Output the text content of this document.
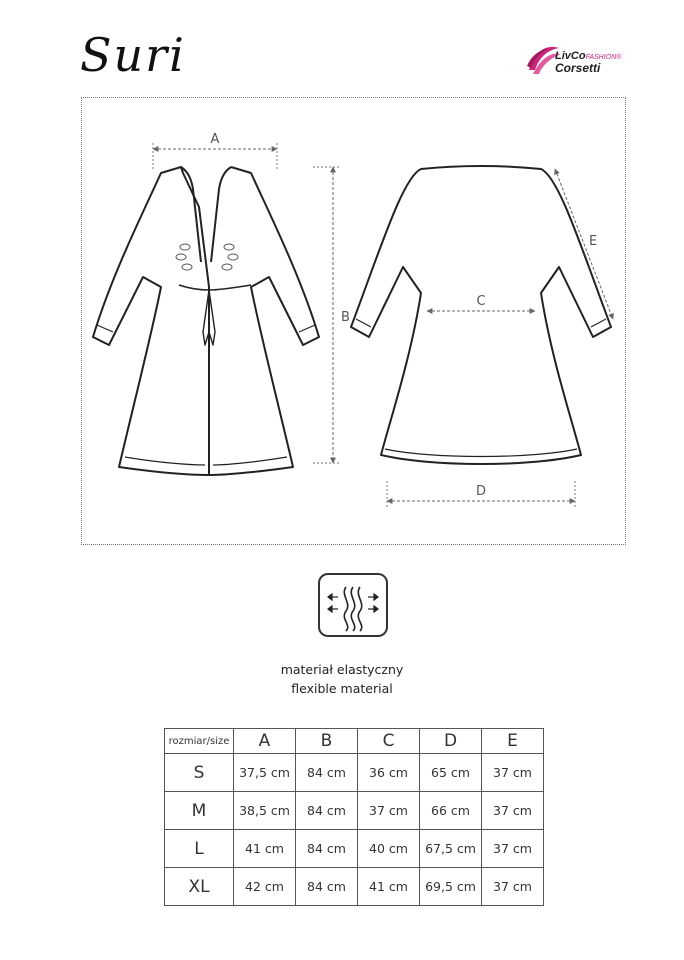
Suri	LivCoFASHION®
Corsetti
A
B
C
D
E
materiał elastyczny
flexible material
rozmiar/size	A	B	C	D	E
S	37,5 cm	84 cm	36 cm	65 cm	37 cm
M	38,5 cm	84 cm	37 cm	66 cm	37 cm
L	41 cm	84 cm	40 cm	67,5 cm	37 cm
XL	42 cm	84 cm	41 cm	69,5 cm	37 cm
